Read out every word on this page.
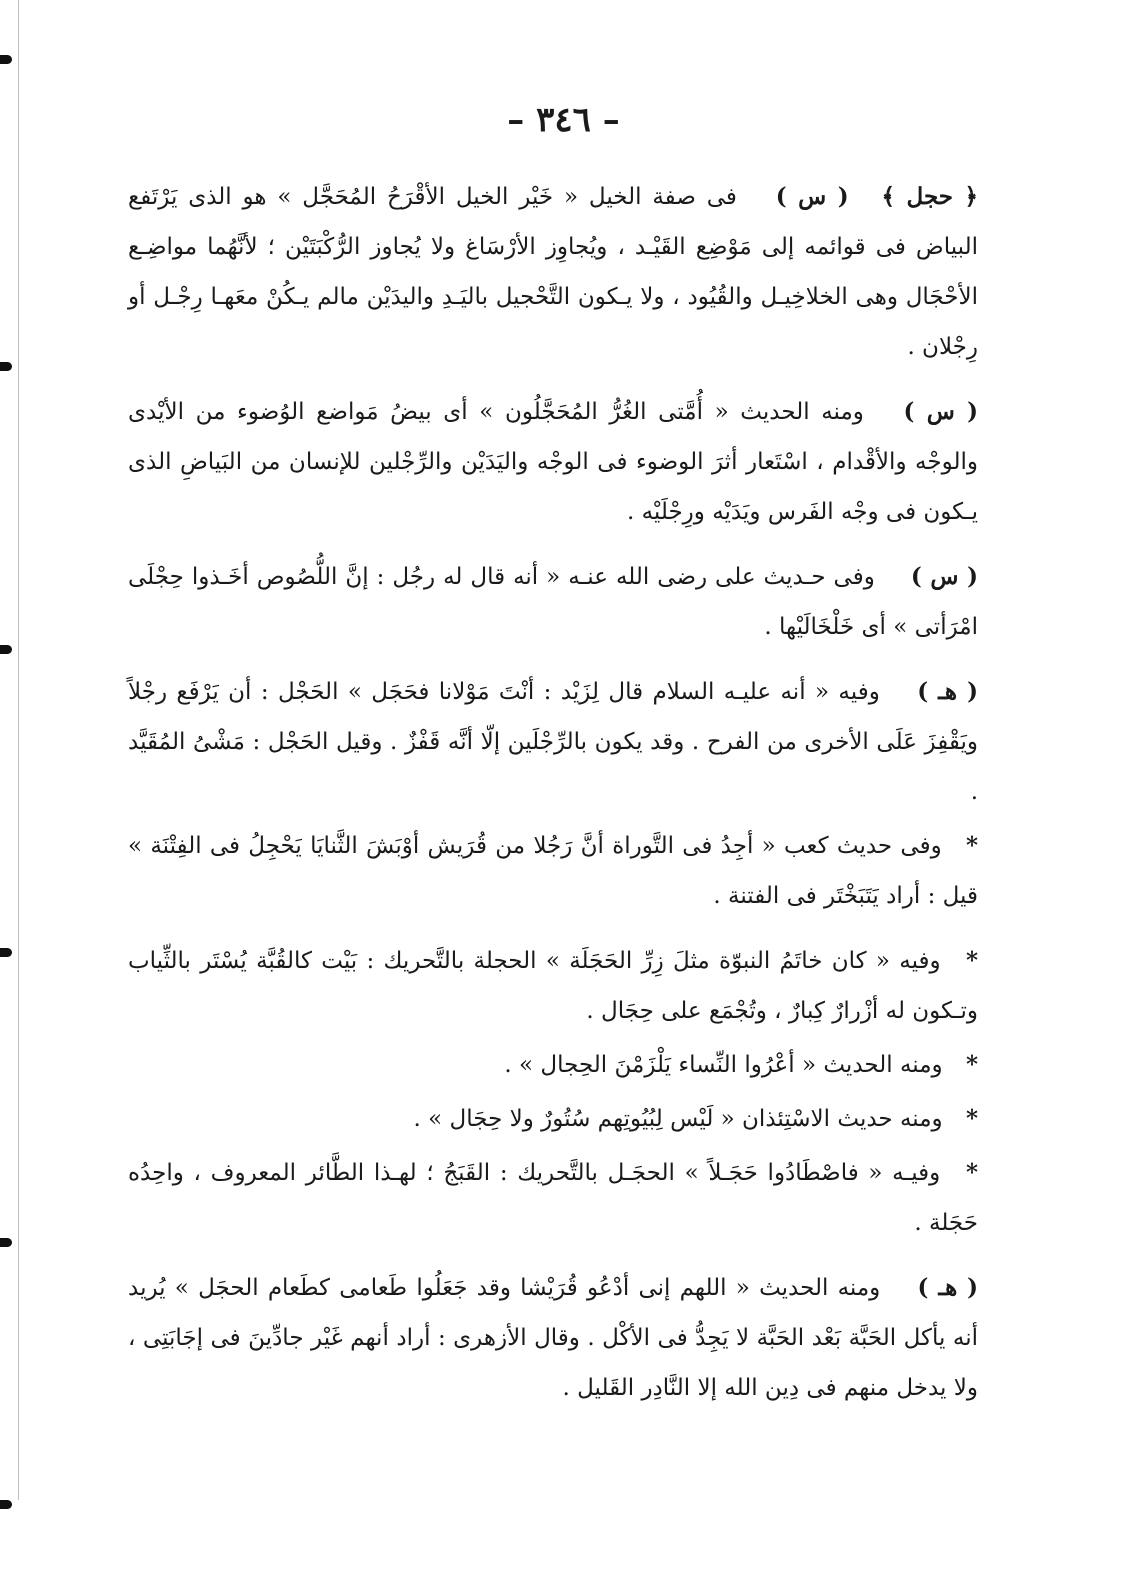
– ٣٤٦ –

﴿ حجل ﴾ ( س ) فى صفة الخيل « خَيْر الخيل الأقْرَحُ المُحَجَّل » هو الذى يَرْتَفع البياض فى قوائمه إلى مَوْضِع القَيْـد ، ويُجاوِز الأرْسَاغ ولا يُجاوز الرُّكْبَتَيْن ؛ لأنَّهُما مواضِـع الأحْجَال وهى الخلاخِيـل والقُيُود ، ولا يـكون التَّحْجيل باليَـدِ واليدَيْن مالم يـكُنْ معَهـا رِجْـل أو رِجْلان .

( س ) ومنه الحديث « أُمَّتى الغُرُّ المُحَجَّلُون » أى بيضُ مَواضع الوُضوء من الأيْدى والوجْه والأقْدام ، اسْتَعار أثرَ الوضوء فى الوجْه واليَدَيْن والرِّجْلين للإنسان من البَياضِ الذى يـكون فى وجْه الفَرس ويَدَيْه ورِجْلَيْه .

( س ) وفى حـديث على رضى الله عنـه « أنه قال له رجُل : إنَّ اللُّصُوص أخَـذوا حِجْلَى امْرَأتى » أى خَلْخَالَيْها .

( هـ ) وفيه « أنه عليـه السلام قال لِزَيْد : أنْتَ مَوْلانا فحَجَل » الحَجْل : أن يَرْفَع رجْلاً ويَقْفِزَ عَلَى الأخرى من الفرح . وقد يكون بالرِّجْلَين إلّا أنَّه قَفْزٌ . وقيل الحَجْل : مَشْىُ المُقَيَّد .

* وفى حديث كعب « أجِدُ فى التَّوراة أنَّ رَجُلا من قُرَيش أوْبَشَ الثَّنايَا يَحْجِلُ فى الفِتْنَة » قيل : أراد يَتَبَخْتَر فى الفتنة .

* وفيه « كان خاتَمُ النبوّة مثلَ زِرِّ الحَجَلَة » الحجلة بالتَّحريك : بَيْت كالقُبَّة يُسْتَر بالثِّياب وتـكون له أزْرارٌ كِبارٌ ، وتُجْمَع على حِجَال .

* ومنه الحديث « أعْرُوا النِّساء يَلْزَمْنَ الحِجال » .

* ومنه حديث الاسْتِئذان « لَيْس لِبُيُوتِهم سُتُورٌ ولا حِجَال » .

* وفيـه « فاصْطَادُوا حَجَـلاً » الحجَـل بالتَّحريك : القَبَجُ ؛ لهـذا الطَّائر المعروف ، واحِدُه حَجَلة .

( هـ ) ومنه الحديث « اللهم إنى أدْعُو قُرَيْشا وقد جَعَلُوا طَعامى كطَعام الحجَل » يُريد أنه يأكل الحَبَّة بَعْد الحَبَّة لا يَجِدُّ فى الأكْل . وقال الأزهرى : أراد أنهم غَيْر جادِّينَ فى إجَابَتِى ، ولا يدخل منهم فى دِين الله إلا النَّادِر القَليل .
